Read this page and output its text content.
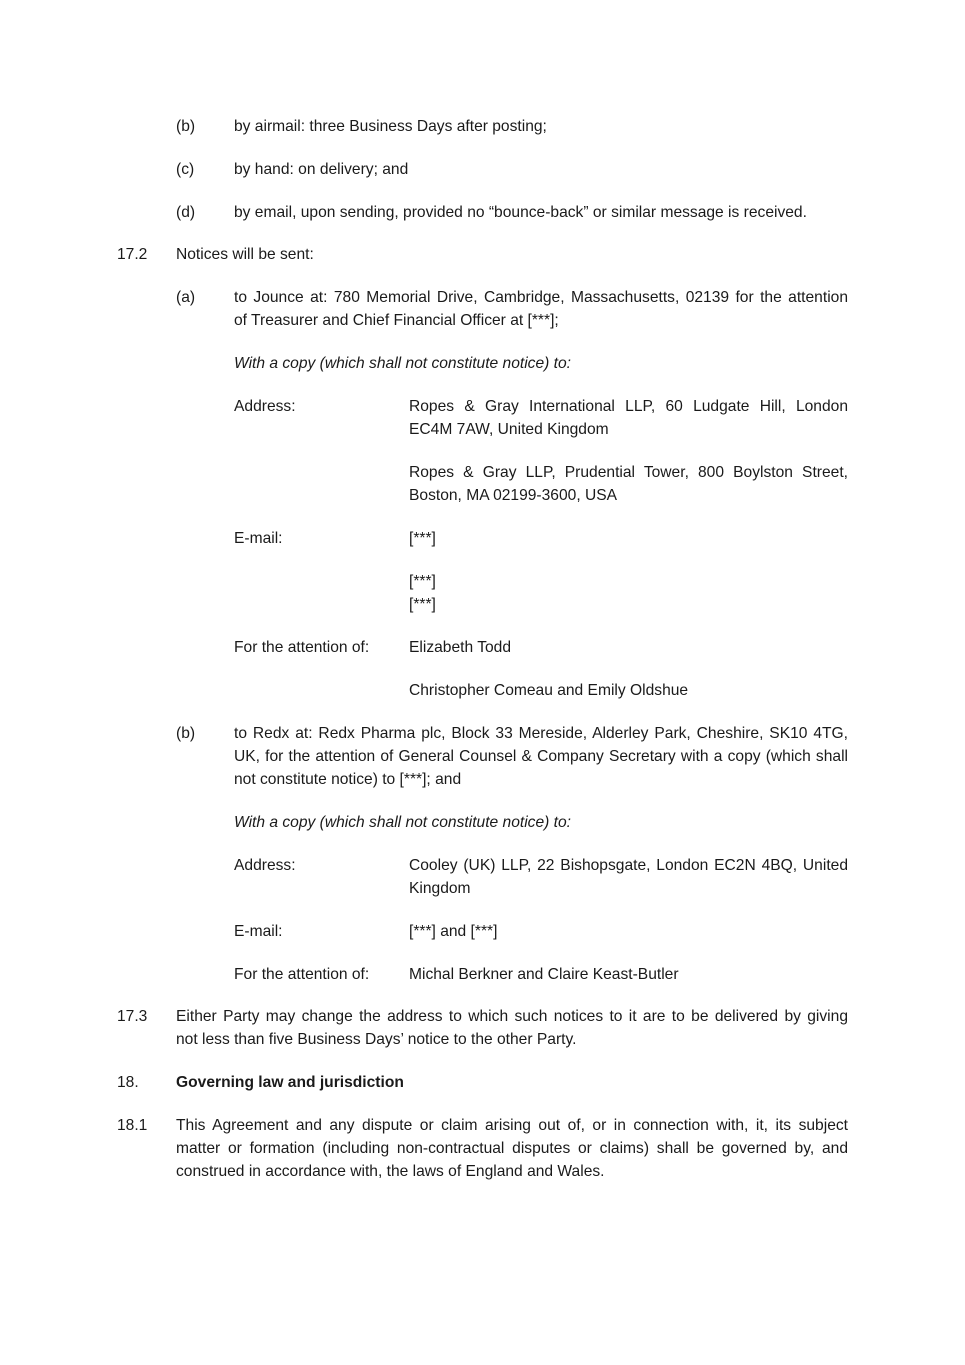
(b) by airmail: three Business Days after posting;
(c)	by hand: on delivery; and
(d) by email, upon sending, provided no “bounce-back” or similar message is received.
17.2 Notices will be sent:
(a) to Jounce at: 780 Memorial Drive, Cambridge, Massachusetts, 02139 for the attention
of Treasurer and Chief Financial Officer at [***];
With a copy (which shall not constitute notice) to:
Address:	Ropes & Gray International LLP, 60 Ludgate Hill, London
EC4M 7AW, United Kingdom
Ropes & Gray LLP, Prudential Tower, 800 Boylston Street,
Boston, MA 02199-3600, USA
E-mail:	[***]
[***]
[***]
For the attention of:	Elizabeth Todd
Christopher Comeau and Emily Oldshue
(b) to Redx at: Redx Pharma plc, Block 33 Mereside, Alderley Park, Cheshire, SK10 4TG,
UK, for the attention of General Counsel & Company Secretary with a copy (which shall
not constitute notice) to [***]; and
With a copy (which shall not constitute notice) to:
Address:	Cooley (UK) LLP, 22 Bishopsgate, London EC2N 4BQ, United
Kingdom
E-mail:	[***] and [***]
For the attention of:	Michal Berkner and Claire Keast-Butler
17.3 Either Party may change the address to which such notices to it are to be delivered by giving
not less than five Business Days’ notice to the other Party.
18. Governing law and jurisdiction
18.1 This Agreement and any dispute or claim arising out of, or in connection with, it, its subject
matter or formation (including non-contractual disputes or claims) shall be governed by, and
construed in accordance with, the laws of England and Wales.
